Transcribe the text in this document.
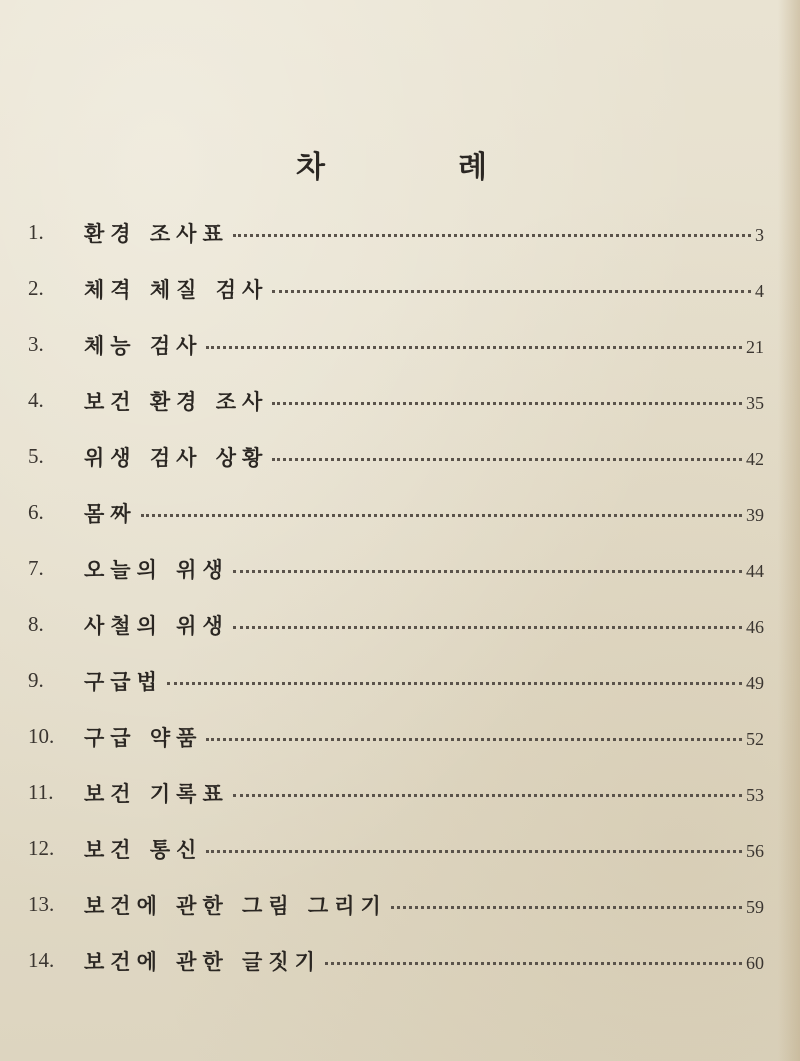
차	례
1. 환경 조사표	3
2. 체격 체질 검사	4
3. 체능 검사	21
4. 보건 환경 조사	35
5. 위생 검사 상황	42
6. 몸짜	39
7. 오늘의 위생	44
8. 사철의 위생	46
9. 구급법	49
10. 구급 약품	52
11. 보건 기록표	53
12. 보건 통신	56
13. 보건에 관한 그림 그리기	59
14. 보건에 관한 글짓기	60
